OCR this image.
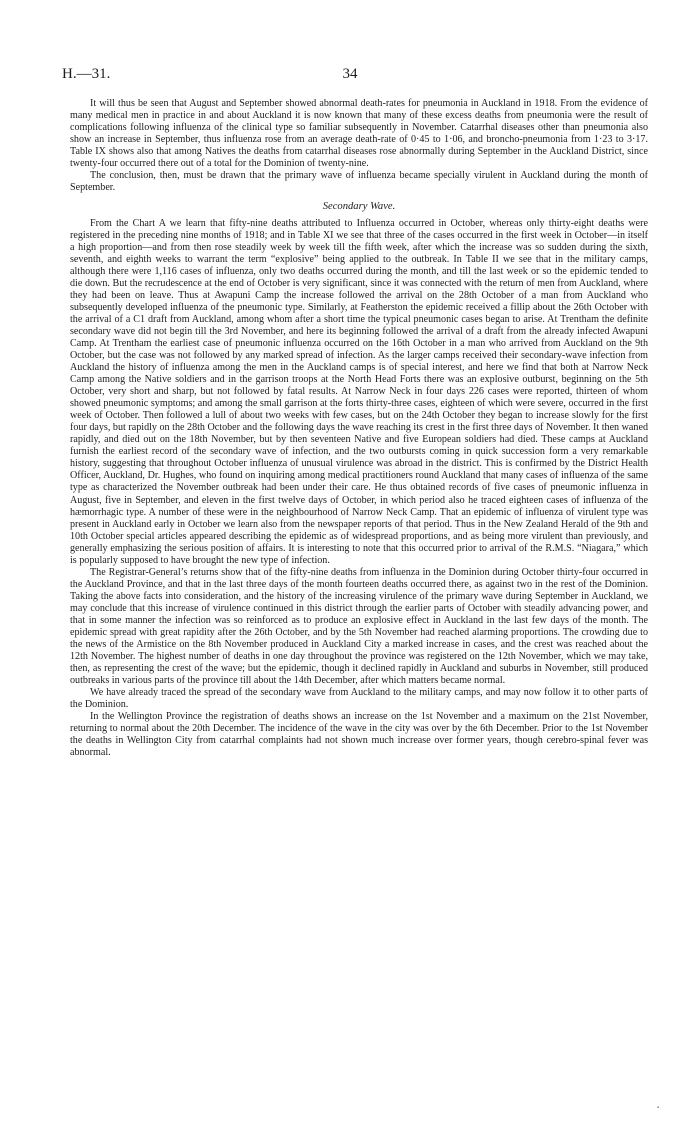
H.—31.	34

It will thus be seen that August and September showed abnormal death-rates for pneumonia in Auckland in 1918. From the evidence of many medical men in practice in and about Auckland it is now known that many of these excess deaths from pneumonia were the result of complications following influenza of the clinical type so familiar subsequently in November. Catarrhal diseases other than pneumonia also show an increase in September, thus influenza rose from an average death-rate of 0·45 to 1·06, and broncho-pneumonia from 1·23 to 3·17. Table IX shows also that among Natives the deaths from catarrhal diseases rose abnormally during September in the Auckland District, since twenty-four occurred there out of a total for the Dominion of twenty-nine.

The conclusion, then, must be drawn that the primary wave of influenza became specially virulent in Auckland during the month of September.

Secondary Wave.

From the Chart A we learn that fifty-nine deaths attributed to Influenza occurred in October, whereas only thirty-eight deaths were registered in the preceding nine months of 1918; and in Table XI we see that three of the cases occurred in the first week in October—in itself a high proportion—and from then rose steadily week by week till the fifth week, after which the increase was so sudden during the sixth, seventh, and eighth weeks to warrant the term “explosive” being applied to the outbreak. In Table II we see that in the military camps, although there were 1,116 cases of influenza, only two deaths occurred during the month, and till the last week or so the epidemic tended to die down. But the recrudescence at the end of October is very significant, since it was connected with the return of men from Auckland, where they had been on leave. Thus at Awapuni Camp the increase followed the arrival on the 28th October of a man from Auckland who subsequently developed influenza of the pneumonic type. Similarly, at Featherston the epidemic received a fillip about the 26th October with the arrival of a C1 draft from Auckland, among whom after a short time the typical pneumonic cases began to arise. At Trentham the definite secondary wave did not begin till the 3rd November, and here its beginning followed the arrival of a draft from the already infected Awapuni Camp. At Trentham the earliest case of pneumonic influenza occurred on the 16th October in a man who arrived from Auckland on the 9th October, but the case was not followed by any marked spread of infection. As the larger camps received their secondary-wave infection from Auckland the history of influenza among the men in the Auckland camps is of special interest, and here we find that both at Narrow Neck Camp among the Native soldiers and in the garrison troops at the North Head Forts there was an explosive outburst, beginning on the 5th October, very short and sharp, but not followed by fatal results. At Narrow Neck in four days 226 cases were reported, thirteen of whom showed pneumonic symptoms; and among the small garrison at the forts thirty-three cases, eighteen of which were severe, occurred in the first week of October. Then followed a lull of about two weeks with few cases, but on the 24th October they began to increase slowly for the first four days, but rapidly on the 28th October and the following days the wave reaching its crest in the first three days of November. It then waned rapidly, and died out on the 18th November, but by then seventeen Native and five European soldiers had died. These camps at Auckland furnish the earliest record of the secondary wave of infection, and the two outbursts coming in quick succession form a very remarkable history, suggesting that throughout October influenza of unusual virulence was abroad in the district. This is confirmed by the District Health Officer, Auckland, Dr. Hughes, who found on inquiring among medical practitioners round Auckland that many cases of influenza of the same type as characterized the November outbreak had been under their care. He thus obtained records of five cases of pneumonic influenza in August, five in September, and eleven in the first twelve days of October, in which period also he traced eighteen cases of influenza of the hæmorrhagic type. A number of these were in the neighbourhood of Narrow Neck Camp. That an epidemic of influenza of virulent type was present in Auckland early in October we learn also from the newspaper reports of that period. Thus in the New Zealand Herald of the 9th and 10th October special articles appeared describing the epidemic as of widespread proportions, and as being more virulent than previously, and generally emphasizing the serious position of affairs. It is interesting to note that this occurred prior to arrival of the R.M.S. “Niagara,” which is popularly supposed to have brought the new type of infection.

The Registrar-General’s returns show that of the fifty-nine deaths from influenza in the Dominion during October thirty-four occurred in the Auckland Province, and that in the last three days of the month fourteen deaths occurred there, as against two in the rest of the Dominion. Taking the above facts into consideration, and the history of the increasing virulence of the primary wave during September in Auckland, we may conclude that this increase of virulence continued in this district through the earlier parts of October with steadily advancing power, and that in some manner the infection was so reinforced as to produce an explosive effect in Auckland in the last few days of the month. The epidemic spread with great rapidity after the 26th October, and by the 5th November had reached alarming proportions. The crowding due to the news of the Armistice on the 8th November produced in Auckland City a marked increase in cases, and the crest was reached about the 12th November. The highest number of deaths in one day throughout the province was registered on the 12th November, which we may take, then, as representing the crest of the wave; but the epidemic, though it declined rapidly in Auckland and suburbs in November, still produced outbreaks in various parts of the province till about the 14th December, after which matters became normal.

We have already traced the spread of the secondary wave from Auckland to the military camps, and may now follow it to other parts of the Dominion.

In the Wellington Province the registration of deaths shows an increase on the 1st November and a maximum on the 21st November, returning to normal about the 20th December. The incidence of the wave in the city was over by the 6th December. Prior to the 1st November the deaths in Wellington City from catarrhal complaints had not shown much increase over former years, though cerebro-spinal fever was abnormal.

⋅
